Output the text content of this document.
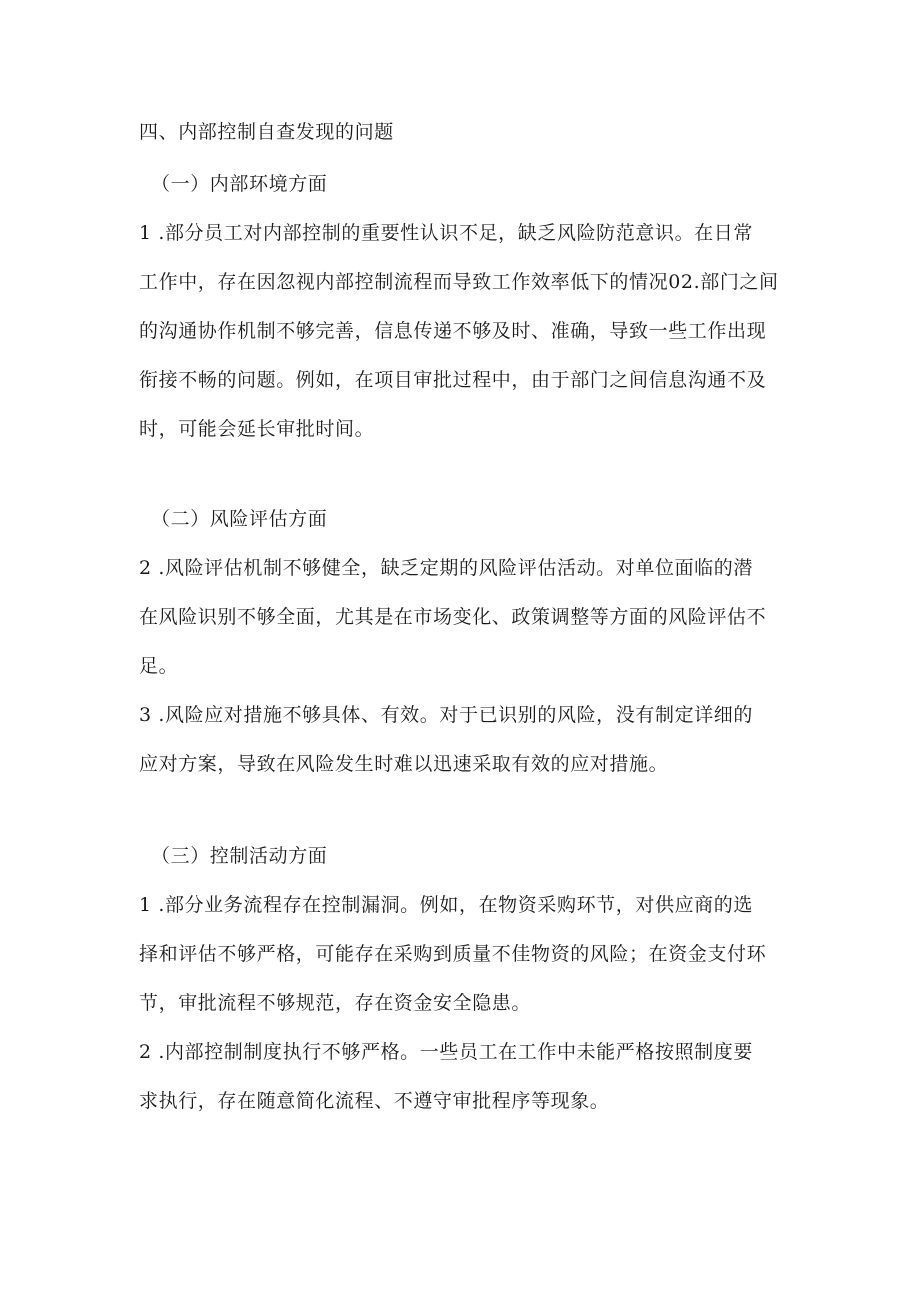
四、内部控制自查发现的问题
（一）内部环境方面
1 .部分员工对内部控制的重要性认识不足，缺乏风险防范意识。在日常
工作中，存在因忽视内部控制流程而导致工作效率低下的情况02.部门之间
的沟通协作机制不够完善，信息传递不够及时、准确，导致一些工作出现
衔接不畅的问题。例如，在项目审批过程中，由于部门之间信息沟通不及
时，可能会延长审批时间。
（二）风险评估方面
2 .风险评估机制不够健全，缺乏定期的风险评估活动。对单位面临的潜
在风险识别不够全面，尤其是在市场变化、政策调整等方面的风险评估不
足。
3 .风险应对措施不够具体、有效。对于已识别的风险，没有制定详细的
应对方案，导致在风险发生时难以迅速采取有效的应对措施。
（三）控制活动方面
1 .部分业务流程存在控制漏洞。例如，在物资采购环节，对供应商的选
择和评估不够严格，可能存在采购到质量不佳物资的风险；在资金支付环
节，审批流程不够规范，存在资金安全隐患。
2 .内部控制制度执行不够严格。一些员工在工作中未能严格按照制度要
求执行，存在随意简化流程、不遵守审批程序等现象。
